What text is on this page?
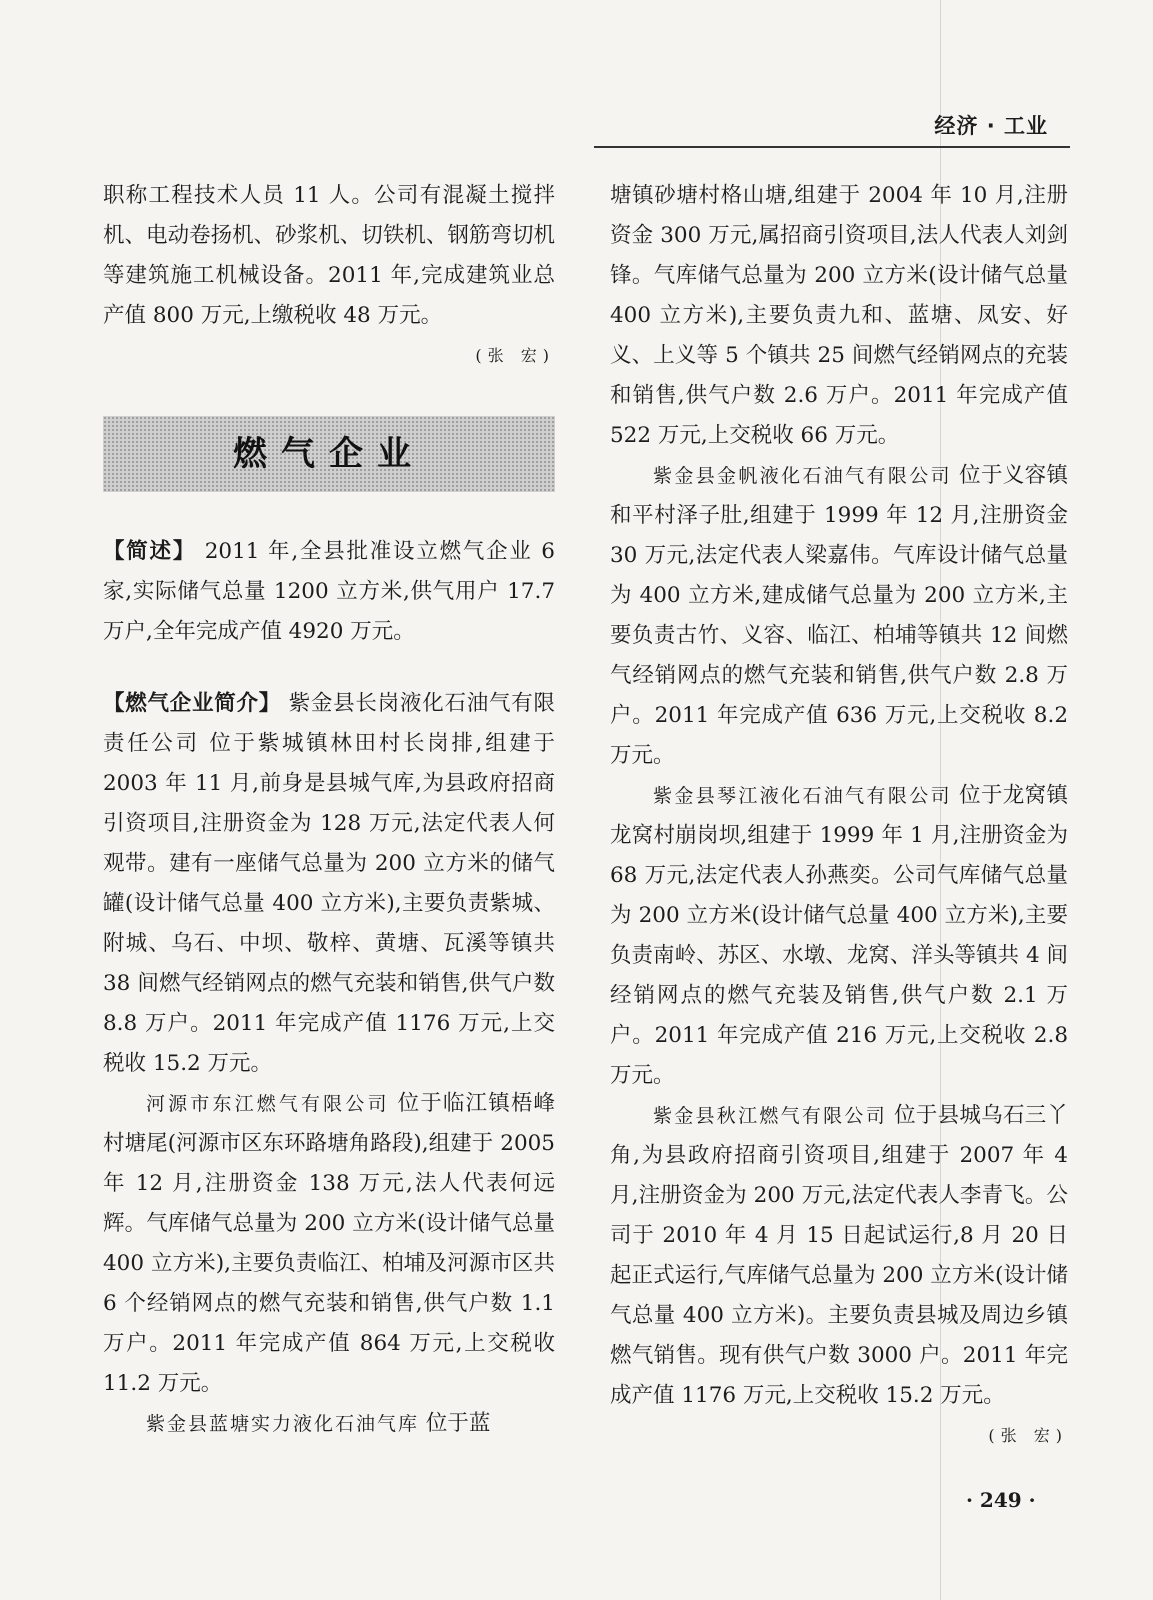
经济 · 工业

职称工程技术人员 11 人。公司有混凝土搅拌机、电动卷扬机、砂浆机、切铁机、钢筋弯切机等建筑施工机械设备。2011 年,完成建筑业总产值 800 万元,上缴税收 48 万元。

(张 宏)

燃气企业

【简述】 2011 年,全县批准设立燃气企业 6 家,实际储气总量 1200 立方米,供气用户 17.7 万户,全年完成产值 4920 万元。

【燃气企业简介】 紫金县长岗液化石油气有限责任公司 位于紫城镇林田村长岗排,组建于 2003 年 11 月,前身是县城气库,为县政府招商引资项目,注册资金为 128 万元,法定代表人何观带。建有一座储气总量为 200 立方米的储气罐(设计储气总量 400 立方米),主要负责紫城、附城、乌石、中坝、敬梓、黄塘、瓦溪等镇共 38 间燃气经销网点的燃气充装和销售,供气户数 8.8 万户。2011 年完成产值 1176 万元,上交税收 15.2 万元。

河源市东江燃气有限公司 位于临江镇梧峰村塘尾(河源市区东环路塘角路段),组建于 2005 年 12 月,注册资金 138 万元,法人代表何远辉。气库储气总量为 200 立方米(设计储气总量 400 立方米),主要负责临江、柏埔及河源市区共 6 个经销网点的燃气充装和销售,供气户数 1.1 万户。2011 年完成产值 864 万元,上交税收 11.2 万元。

紫金县蓝塘实力液化石油气库 位于蓝

塘镇砂塘村格山塘,组建于 2004 年 10 月,注册资金 300 万元,属招商引资项目,法人代表人刘剑锋。气库储气总量为 200 立方米(设计储气总量 400 立方米),主要负责九和、蓝塘、凤安、好义、上义等 5 个镇共 25 间燃气经销网点的充装和销售,供气户数 2.6 万户。2011 年完成产值 522 万元,上交税收 66 万元。

紫金县金帆液化石油气有限公司 位于义容镇和平村泽子肚,组建于 1999 年 12 月,注册资金 30 万元,法定代表人梁嘉伟。气库设计储气总量为 400 立方米,建成储气总量为 200 立方米,主要负责古竹、义容、临江、柏埔等镇共 12 间燃气经销网点的燃气充装和销售,供气户数 2.8 万户。2011 年完成产值 636 万元,上交税收 8.2 万元。

紫金县琴江液化石油气有限公司 位于龙窝镇龙窝村崩岗坝,组建于 1999 年 1 月,注册资金为 68 万元,法定代表人孙燕奕。公司气库储气总量为 200 立方米(设计储气总量 400 立方米),主要负责南岭、苏区、水墩、龙窝、洋头等镇共 4 间经销网点的燃气充装及销售,供气户数 2.1 万户。2011 年完成产值 216 万元,上交税收 2.8 万元。

紫金县秋江燃气有限公司 位于县城乌石三丫角,为县政府招商引资项目,组建于 2007 年 4 月,注册资金为 200 万元,法定代表人李青飞。公司于 2010 年 4 月 15 日起试运行,8 月 20 日起正式运行,气库储气总量为 200 立方米(设计储气总量 400 立方米)。主要负责县城及周边乡镇燃气销售。现有供气户数 3000 户。2011 年完成产值 1176 万元,上交税收 15.2 万元。

(张 宏)

· 249 ·
